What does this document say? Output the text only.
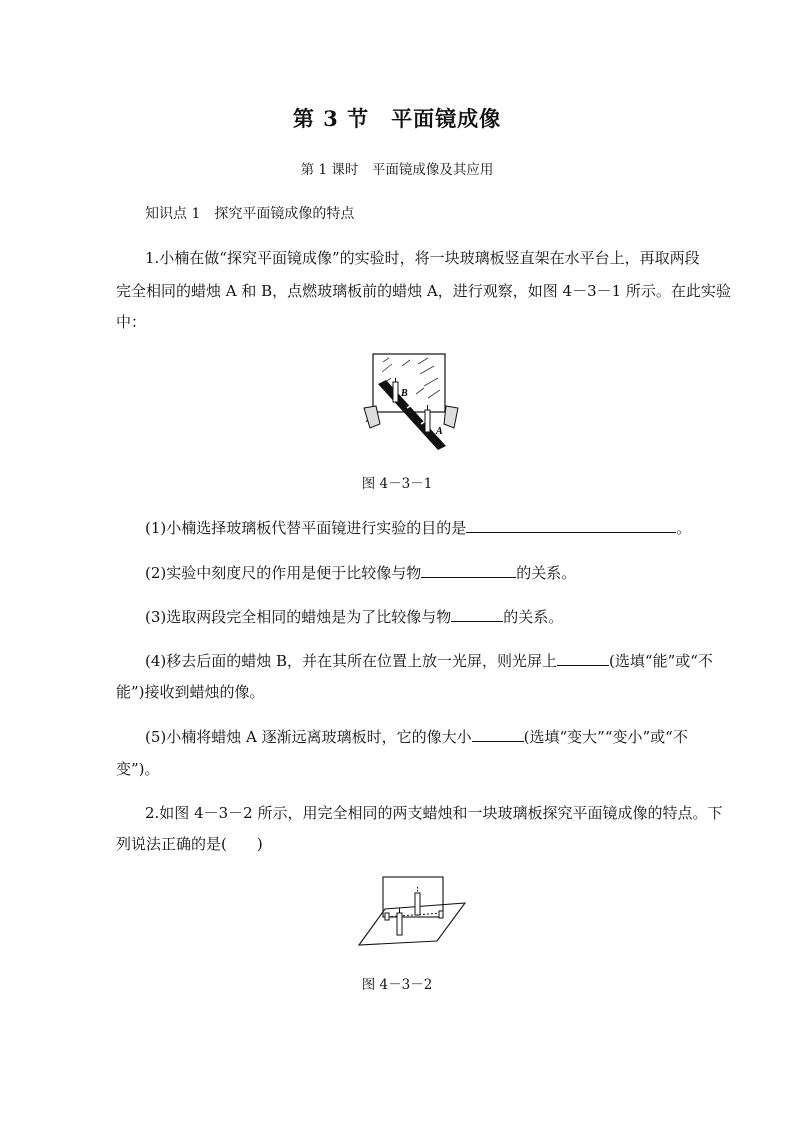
第 3 节　平面镜成像
第 1 课时　平面镜成像及其应用
知识点 1　探究平面镜成像的特点
1.小楠在做“探究平面镜成像”的实验时，将一块玻璃板竖直架在水平台上，再取两段
完全相同的蜡烛 A 和 B，点燃玻璃板前的蜡烛 A，进行观察，如图 4－3－1 所示。在此实验
中：
B
A
图 4－3－1
(1)小楠选择玻璃板代替平面镜进行实验的目的是	。
(2)实验中刻度尺的作用是便于比较像与物	的关系。
(3)选取两段完全相同的蜡烛是为了比较像与物	的关系。
(4)移去后面的蜡烛 B，并在其所在位置上放一光屏，则光屏上	(选填“能”或“不
能”)接收到蜡烛的像。
(5)小楠将蜡烛 A 逐渐远离玻璃板时，它的像大小	(选填“变大”“变小”或“不
变”)。
2.如图 4－3－2 所示，用完全相同的两支蜡烛和一块玻璃板探究平面镜成像的特点。下
列说法正确的是(　　)
图 4－3－2
